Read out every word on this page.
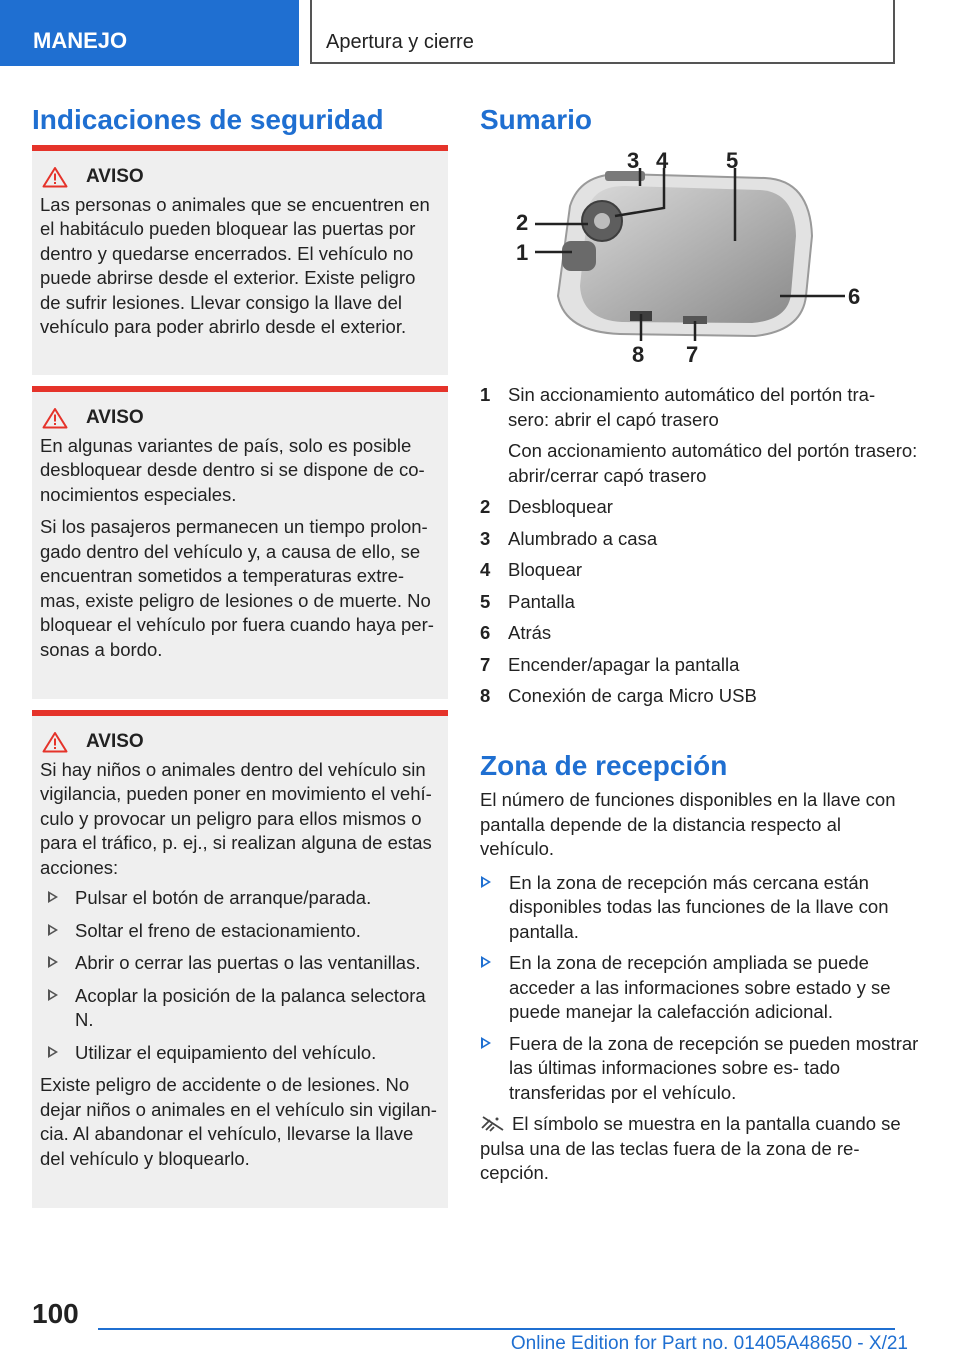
MANEJO	Apertura y cierre
Indicaciones de seguridad
AVISO

Las personas o animales que se encuentren en el habitáculo pueden bloquear las puertas por dentro y quedarse encerrados. El vehículo no puede abrirse desde el exterior. Existe peligro de sufrir lesiones. Llevar consigo la llave del vehículo para poder abrirlo desde el exterior.

AVISO

En algunas variantes de país, solo es posible desbloquear desde dentro si se dispone de co- nocimientos especiales.

Si los pasajeros permanecen un tiempo prolon- gado dentro del vehículo y, a causa de ello, se encuentran sometidos a temperaturas extre- mas, existe peligro de lesiones o de muerte. No bloquear el vehículo por fuera cuando haya per- sonas a bordo.

AVISO

Si hay niños o animales dentro del vehículo sin vigilancia, pueden poner en movimiento el vehí- culo y provocar un peligro para ellos mismos o para el tráfico, p. ej., si realizan alguna de estas acciones:

Pulsar el botón de arranque/parada.
Soltar el freno de estacionamiento.
Abrir o cerrar las puertas o las ventanillas.
Acoplar la posición de la palanca selectora N.
Utilizar el equipamiento del vehículo.

Existe peligro de accidente o de lesiones. No dejar niños o animales en el vehículo sin vigilan- cia. Al abandonar el vehículo, llevarse la llave del vehículo y bloquearlo.

Sumario
1
2
3 4	5
6
7
8
1 Sin accionamiento automático del portón tra- sero: abrir el capó trasero

Con accionamiento automático del portón trasero: abrir/cerrar capó trasero

2 Desbloquear

3 Alumbrado a casa

4 Bloquear

5 Pantalla

6 Atrás

7 Encender/apagar la pantalla

8 Conexión de carga Micro USB

Zona de recepción

El número de funciones disponibles en la llave con pantalla depende de la distancia respecto al vehículo.

En la zona de recepción más cercana están disponibles todas las funciones de la llave con pantalla.
En la zona de recepción ampliada se puede acceder a las informaciones sobre estado y se puede manejar la calefacción adicional.
Fuera de la zona de recepción se pueden mostrar las últimas informaciones sobre es- tado transferidas por el vehículo.

El símbolo se muestra en la pantalla cuando se pulsa una de las teclas fuera de la zona de re- cepción.

100
Online Edition for Part no. 01405A48650 - X/21
